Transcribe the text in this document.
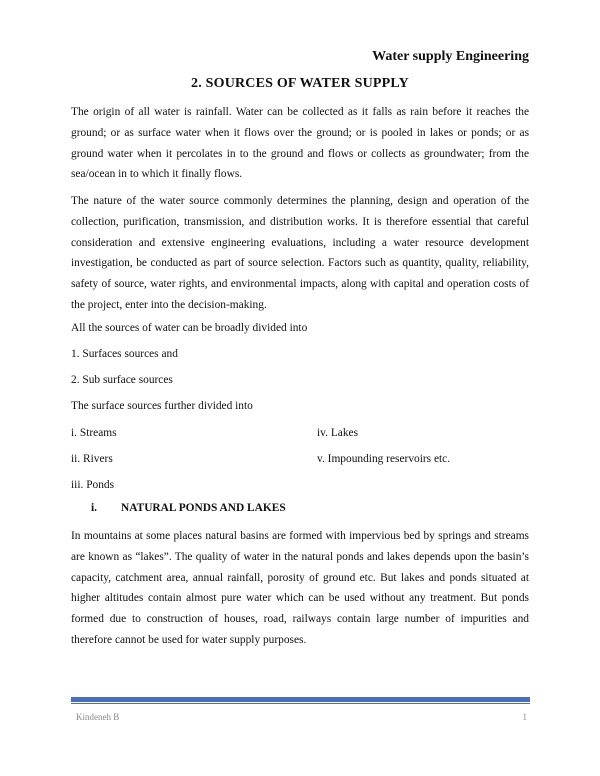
Water supply Engineering
2. SOURCES OF WATER SUPPLY
The origin of all water is rainfall. Water can be collected as it falls as rain before it reaches the ground; or as surface water when it flows over the ground; or is pooled in lakes or ponds; or as ground water when it percolates in to the ground and flows or collects as groundwater; from the sea/ocean in to which it finally flows.
The nature of the water source commonly determines the planning, design and operation of the collection, purification, transmission, and distribution works. It is therefore essential that careful consideration and extensive engineering evaluations, including a water resource development investigation, be conducted as part of source selection. Factors such as quantity, quality, reliability, safety of source, water rights, and environmental impacts, along with capital and operation costs of the project, enter into the decision-making.
All the sources of water can be broadly divided into
1. Surfaces sources and
2. Sub surface sources
The surface sources further divided into
i. Streams
ii. Rivers
iii. Ponds
iv. Lakes
v. Impounding reservoirs etc.
i. NATURAL PONDS AND LAKES
In mountains at some places natural basins are formed with impervious bed by springs and streams are known as “lakes”. The quality of water in the natural ponds and lakes depends upon the basin’s capacity, catchment area, annual rainfall, porosity of ground etc. But lakes and ponds situated at higher altitudes contain almost pure water which can be used without any treatment. But ponds formed due to construction of houses, road, railways contain large number of impurities and therefore cannot be used for water supply purposes.
Kindeneh B	1
